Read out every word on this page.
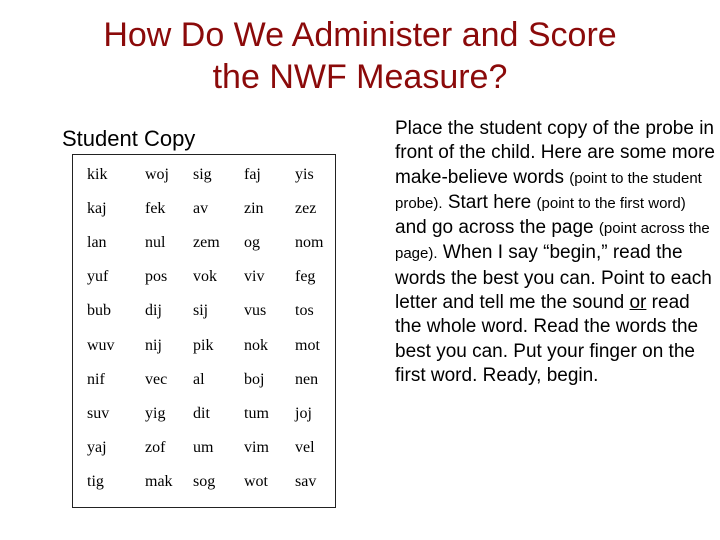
How Do We Administer and Score
the NWF Measure?
Student Copy
kik	woj	sig	faj	yis
kaj	fek	av	zin	zez
lan	nul	zem	og	nom
yuf	pos	vok	viv	feg
bub	dij	sij	vus	tos
wuv	nij	pik	nok	mot
nif	vec	al	boj	nen
suv	yig	dit	tum	joj
yaj	zof	um	vim	vel
tig	mak	sog	wot	sav
Place the student copy of the probe in front of the child. Here are some more make-believe words (point to the student probe). Start here (point to the first word) and go across the page (point across the page). When I say “begin,” read the words the best you can. Point to each letter and tell me the sound or read the whole word. Read the words the best you can. Put your finger on the first word. Ready, begin.
